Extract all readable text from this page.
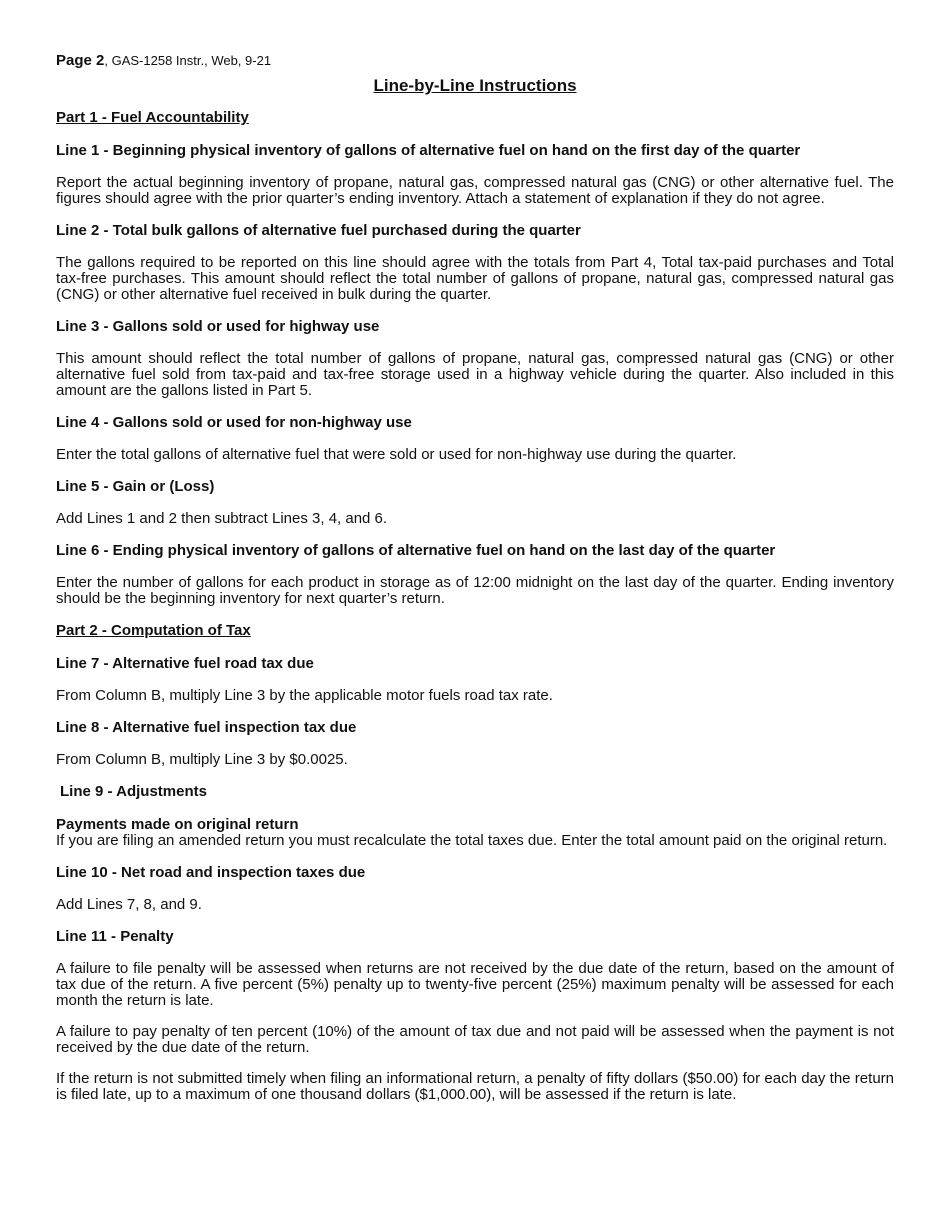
Page 2, GAS-1258 Instr., Web, 9-21

Line-by-Line Instructions
Part 1 - Fuel Accountability
Line 1 - Beginning physical inventory of gallons of alternative fuel on hand on the first day of the quarter

Report the actual beginning inventory of propane, natural gas, compressed natural gas (CNG) or other alternative fuel. The figures should agree with the prior quarter’s ending inventory. Attach a statement of explanation if they do not agree.

Line 2 - Total bulk gallons of alternative fuel purchased during the quarter

The gallons required to be reported on this line should agree with the totals from Part 4, Total tax-paid purchases and Total tax-free purchases. This amount should reflect the total number of gallons of propane, natural gas, compressed natural gas (CNG) or other alternative fuel received in bulk during the quarter.

Line 3 - Gallons sold or used for highway use

This amount should reflect the total number of gallons of propane, natural gas, compressed natural gas (CNG) or other alternative fuel sold from tax-paid and tax-free storage used in a highway vehicle during the quarter. Also included in this amount are the gallons listed in Part 5.

Line 4 - Gallons sold or used for non-highway use

Enter the total gallons of alternative fuel that were sold or used for non-highway use during the quarter.

Line 5 - Gain or (Loss)

Add Lines 1 and 2 then subtract Lines 3, 4, and 6.

Line 6 - Ending physical inventory of gallons of alternative fuel on hand on the last day of the quarter

Enter the number of gallons for each product in storage as of 12:00 midnight on the last day of the quarter. Ending inventory should be the beginning inventory for next quarter’s return.

Part 2 - Computation of Tax
Line 7 - Alternative fuel road tax due

From Column B, multiply Line 3 by the applicable motor fuels road tax rate.

Line 8 - Alternative fuel inspection tax due

From Column B, multiply Line 3 by $0.0025.

Line 9 - Adjustments
Payments made on original return

If you are filing an amended return you must recalculate the total taxes due. Enter the total amount paid on the original return.

Line 10 - Net road and inspection taxes due

Add Lines 7, 8, and 9.

Line 11 - Penalty

A failure to file penalty will be assessed when returns are not received by the due date of the return, based on the amount of tax due of the return. A five percent (5%) penalty up to twenty-five percent (25%) maximum penalty will be assessed for each month the return is late.

A failure to pay penalty of ten percent (10%) of the amount of tax due and not paid will be assessed when the payment is not received by the due date of the return.

If the return is not submitted timely when filing an informational return, a penalty of fifty dollars ($50.00) for each day the return is filed late, up to a maximum of one thousand dollars ($1,000.00), will be assessed if the return is late.
